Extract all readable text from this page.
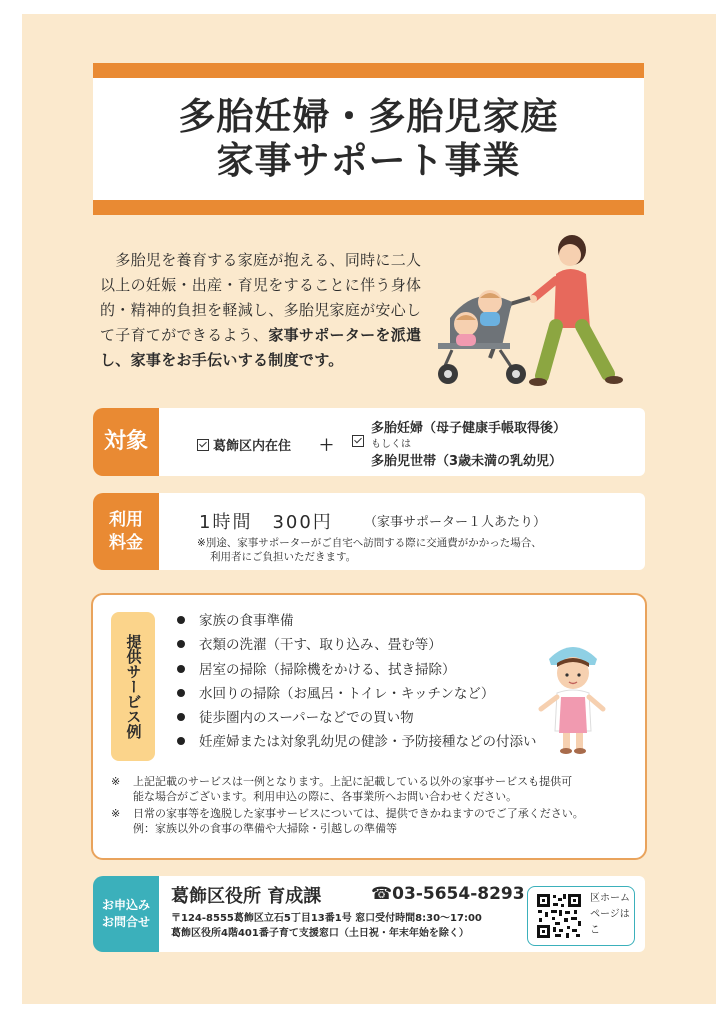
多胎妊婦・多胎児家庭
家事サポート事業

　多胎児を養育する家庭が抱える、同時に二人

以上の妊娠・出産・育児をすることに伴う身体

的・精神的負担を軽減し、多胎児家庭が安心し

て子育てができるよう、家事サポーターを派遣

し、家事をお手伝いする制度です。

対象	葛飾区内在住 ＋
多胎妊婦（母子健康手帳取得後）
もしくは
多胎児世帯（3歳未満の乳幼児）
利用
料金
1時間　300円 （家事サポーター１人あたり）
※別途、家事サポーターがご自宅へ訪問する際に交通費がかかった場合、
利用者にご負担いただきます。
提供サービス例
家族の食事準備
衣類の洗濯（干す、取り込み、畳む等）
居室の掃除（掃除機をかける、拭き掃除）
水回りの掃除（お風呂・トイレ・キッチンなど）
徒歩圏内のスーパーなどでの買い物
妊産婦または対象乳幼児の健診・予防接種などの付添い
※	上記記載のサービスは一例となります。上記に記載している以外の家事サービスも提供可
能な場合がございます。利用申込の際に、各事業所へお問い合わせください。
※	日常の家事等を逸脱した家事サービスについては、提供できかねますのでご了承ください。
例：家族以外の食事の準備や大掃除・引越しの準備等
お申込み
お問合せ
葛飾区役所 育成課	☎03-5654-8293
〒124-8555葛飾区立石5丁目13番1号 窓口受付時間8:30～17:00
葛飾区役所4階401番子育て支援窓口（土日祝・年末年始を除く）
区ホームページはこ
